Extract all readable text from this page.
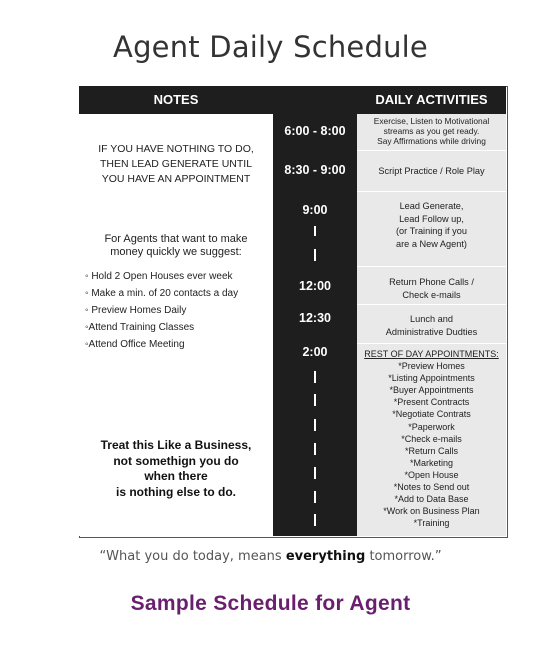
Agent Daily Schedule
NOTES	DAILY ACTIVITIES
IF YOU HAVE NOTHING TO DO,
THEN LEAD GENERATE UNTIL
YOU HAVE AN APPOINTMENT
For Agents that want to make
money quickly we suggest:
◦ Hold 2 Open Houses ever week
◦ Make a min. of 20 contacts a day
◦ Preview Homes Daily
◦Attend Training Classes
◦Attend Office Meeting
Treat this Like a Business,
not somethign you do
when there
is nothing else to do.
6:00 - 8:00
8:30 - 9:00
9:00
12:00
12:30
2:00
Exercise, Listen to Motivational
streams as you get ready.
Say Affirmations while driving
Script Practice / Role Play
Lead Generate,
Lead Follow up,
(or Training if you
are a New Agent)
Return Phone Calls /
Check e-mails
Lunch and
Administrative Dudties
REST OF DAY APPOINTMENTS:
*Preview Homes
*Listing Appointments
*Buyer Appointments
*Present Contracts
*Negotiate Contrats
*Paperwork
*Check e-mails
*Return Calls
*Marketing
*Open House
*Notes to Send out
*Add to Data Base
*Work on Business Plan
*Training
“What you do today, means everything tomorrow.”
Sample Schedule for Agent
